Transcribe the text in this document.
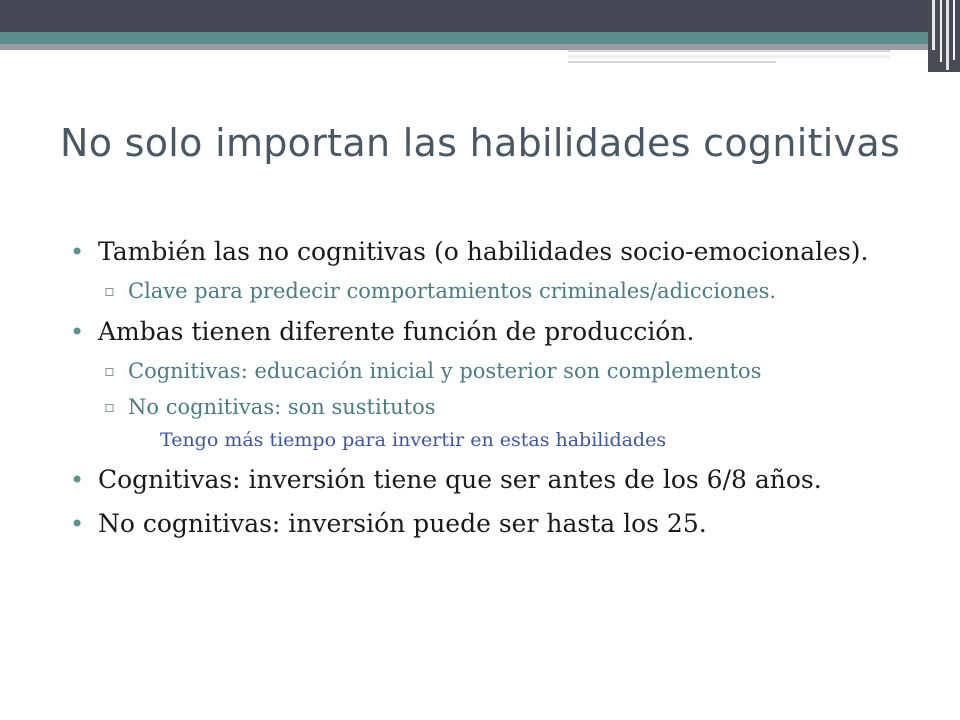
No solo importan las habilidades cognitivas
• También las no cognitivas (o habilidades socio-emocionales).
▫ Clave para predecir comportamientos criminales/adicciones.
• Ambas tienen diferente función de producción.
▫ Cognitivas: educación inicial y posterior son complementos
▫ No cognitivas: son sustitutos
Tengo más tiempo para invertir en estas habilidades
• Cognitivas: inversión tiene que ser antes de los 6/8 años.
• No cognitivas: inversión puede ser hasta los 25.
